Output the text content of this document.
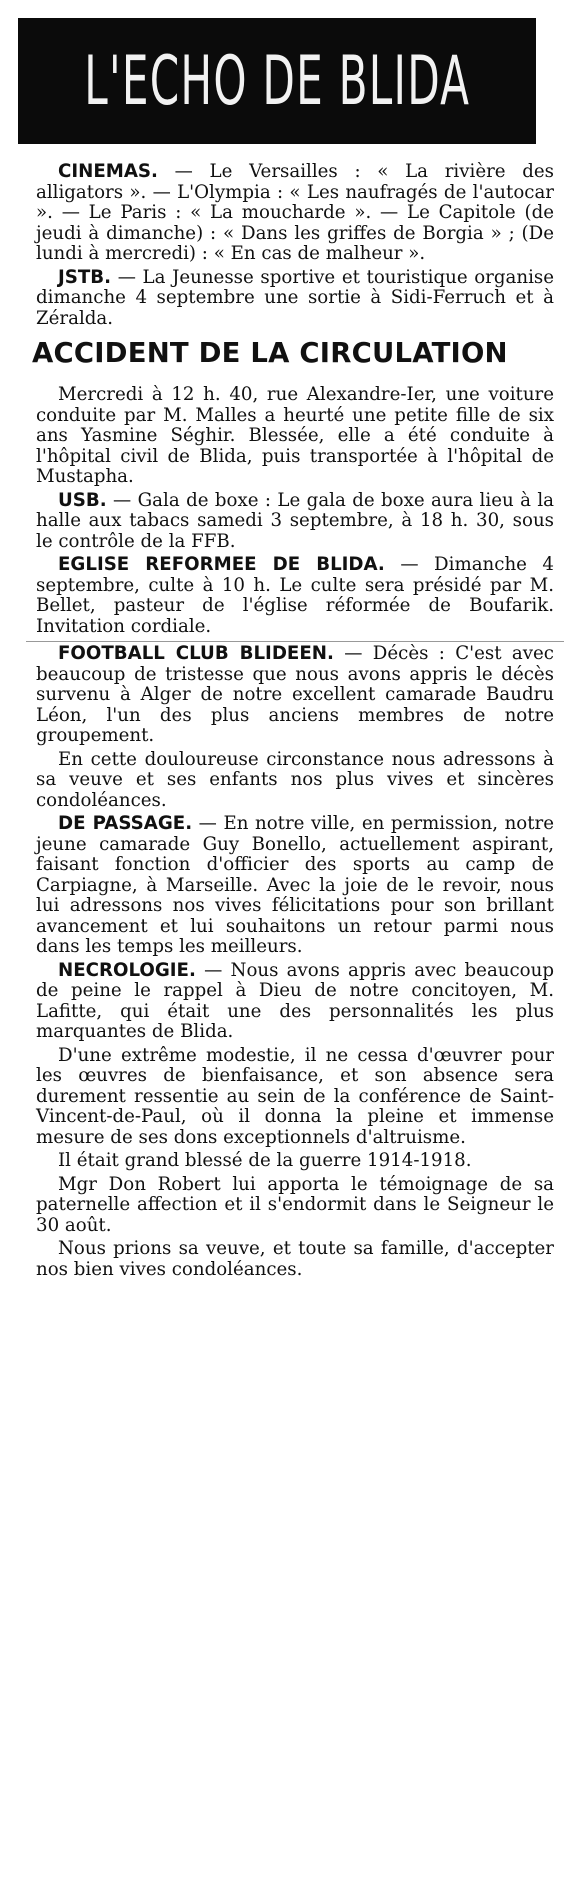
L'ECHO DE BLIDA

CINEMAS. — Le Versailles : « La rivière des alligators ». — L'Olympia : « Les naufragés de l'autocar ». — Le Paris : « La moucharde ». — Le Capitole (de jeudi à dimanche) : « Dans les griffes de Borgia » ; (De lundi à mercredi) : « En cas de malheur ».

JSTB. — La Jeunesse sportive et touristique organise dimanche 4 septembre une sortie à Sidi-Ferruch et à Zéralda.

ACCIDENT DE LA CIRCULATION

Mercredi à 12 h. 40, rue Alexandre-Ier, une voiture conduite par M. Malles a heurté une petite fille de six ans Yasmine Séghir. Blessée, elle a été conduite à l'hôpital civil de Blida, puis transportée à l'hôpital de Mustapha.

USB. — Gala de boxe : Le gala de boxe aura lieu à la halle aux tabacs samedi 3 septembre, à 18 h. 30, sous le contrôle de la FFB.

EGLISE REFORMEE DE BLIDA. — Dimanche 4 septembre, culte à 10 h. Le culte sera présidé par M. Bellet, pasteur de l'église réformée de Boufarik. Invitation cordiale.

FOOTBALL CLUB BLIDEEN. — Décès : C'est avec beaucoup de tristesse que nous avons appris le décès survenu à Alger de notre excellent camarade Baudru Léon, l'un des plus anciens membres de notre groupement.

En cette douloureuse circonstance nous adressons à sa veuve et ses enfants nos plus vives et sincères condoléances.

DE PASSAGE. — En notre ville, en permission, notre jeune camarade Guy Bonello, actuellement aspirant, faisant fonction d'officier des sports au camp de Carpiagne, à Marseille. Avec la joie de le revoir, nous lui adressons nos vives félicitations pour son brillant avancement et lui souhaitons un retour parmi nous dans les temps les meilleurs.

NECROLOGIE. — Nous avons appris avec beaucoup de peine le rappel à Dieu de notre concitoyen, M. Lafitte, qui était une des personnalités les plus marquantes de Blida.

D'une extrême modestie, il ne cessa d'œuvrer pour les œuvres de bienfaisance, et son absence sera durement ressentie au sein de la conférence de Saint-Vincent-de-Paul, où il donna la pleine et immense mesure de ses dons exceptionnels d'altruisme.

Il était grand blessé de la guerre 1914-1918.

Mgr Don Robert lui apporta le témoignage de sa paternelle affection et il s'endormit dans le Seigneur le 30 août.

Nous prions sa veuve, et toute sa famille, d'accepter nos bien vives condoléances.
